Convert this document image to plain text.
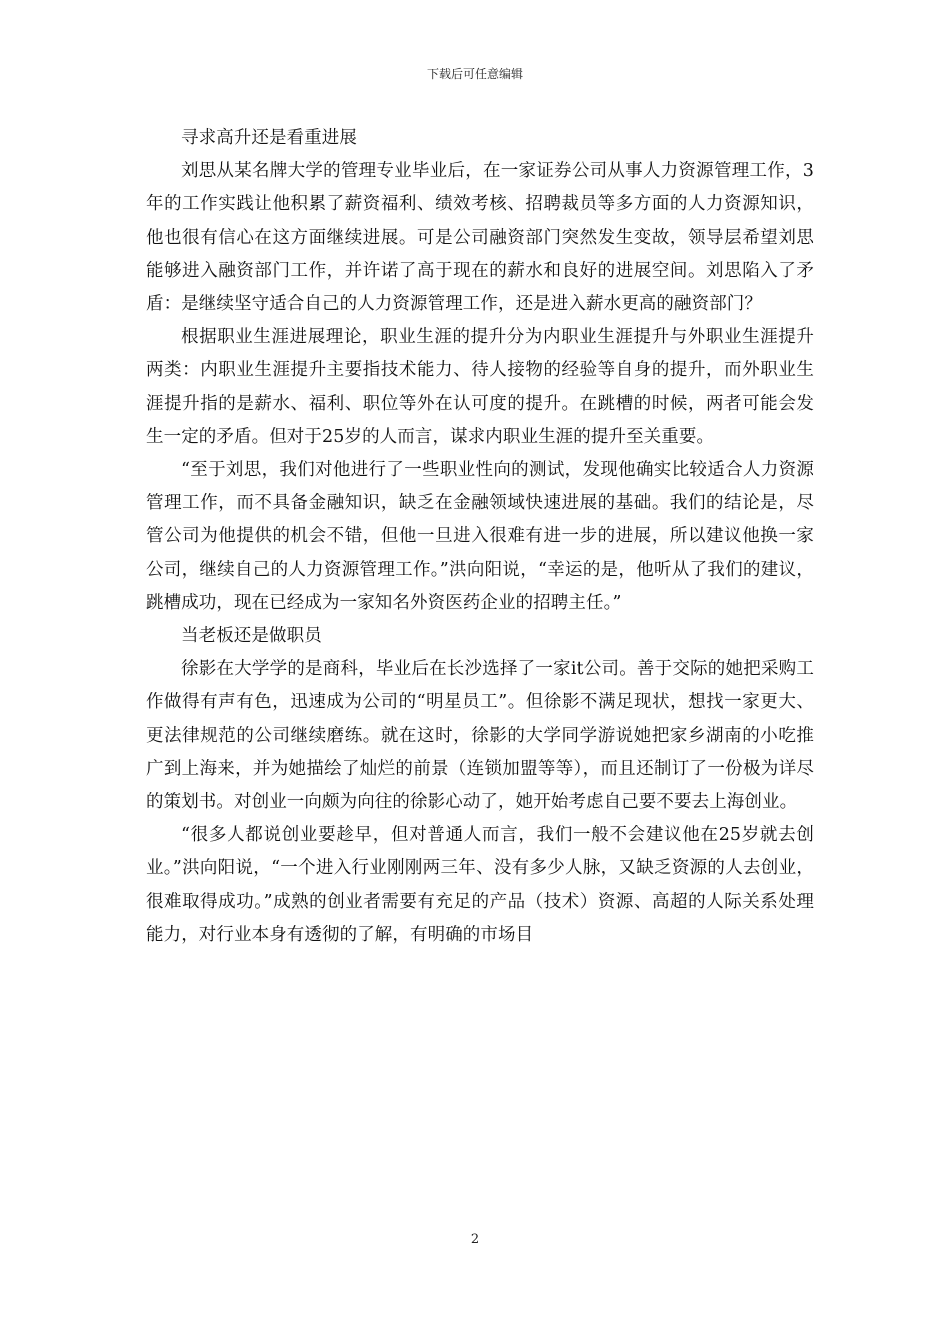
下载后可任意编辑

寻求高升还是看重进展

刘思从某名牌大学的管理专业毕业后，在一家证券公司从事人力资源管理工作，3年的工作实践让他积累了薪资福利、绩效考核、招聘裁员等多方面的人力资源知识，他也很有信心在这方面继续进展。可是公司融资部门突然发生变故，领导层希望刘思能够进入融资部门工作，并许诺了高于现在的薪水和良好的进展空间。刘思陷入了矛盾：是继续坚守适合自己的人力资源管理工作，还是进入薪水更高的融资部门？

根据职业生涯进展理论，职业生涯的提升分为内职业生涯提升与外职业生涯提升两类：内职业生涯提升主要指技术能力、待人接物的经验等自身的提升，而外职业生涯提升指的是薪水、福利、职位等外在认可度的提升。在跳槽的时候，两者可能会发生一定的矛盾。但对于25岁的人而言，谋求内职业生涯的提升至关重要。

“至于刘思，我们对他进行了一些职业性向的测试，发现他确实比较适合人力资源管理工作，而不具备金融知识，缺乏在金融领域快速进展的基础。我们的结论是，尽管公司为他提供的机会不错，但他一旦进入很难有进一步的进展，所以建议他换一家公司，继续自己的人力资源管理工作。”洪向阳说，“幸运的是，他听从了我们的建议，跳槽成功，现在已经成为一家知名外资医药企业的招聘主任。”

当老板还是做职员

徐影在大学学的是商科，毕业后在长沙选择了一家it公司。善于交际的她把采购工作做得有声有色，迅速成为公司的“明星员工”。但徐影不满足现状，想找一家更大、更法律规范的公司继续磨练。就在这时，徐影的大学同学游说她把家乡湖南的小吃推广到上海来，并为她描绘了灿烂的前景（连锁加盟等等），而且还制订了一份极为详尽的策划书。对创业一向颇为向往的徐影心动了，她开始考虑自己要不要去上海创业。

“很多人都说创业要趁早，但对普通人而言，我们一般不会建议他在25岁就去创业。”洪向阳说，“一个进入行业刚刚两三年、没有多少人脉，又缺乏资源的人去创业，很难取得成功。”成熟的创业者需要有充足的产品（技术）资源、高超的人际关系处理能力，对行业本身有透彻的了解，有明确的市场目

2
